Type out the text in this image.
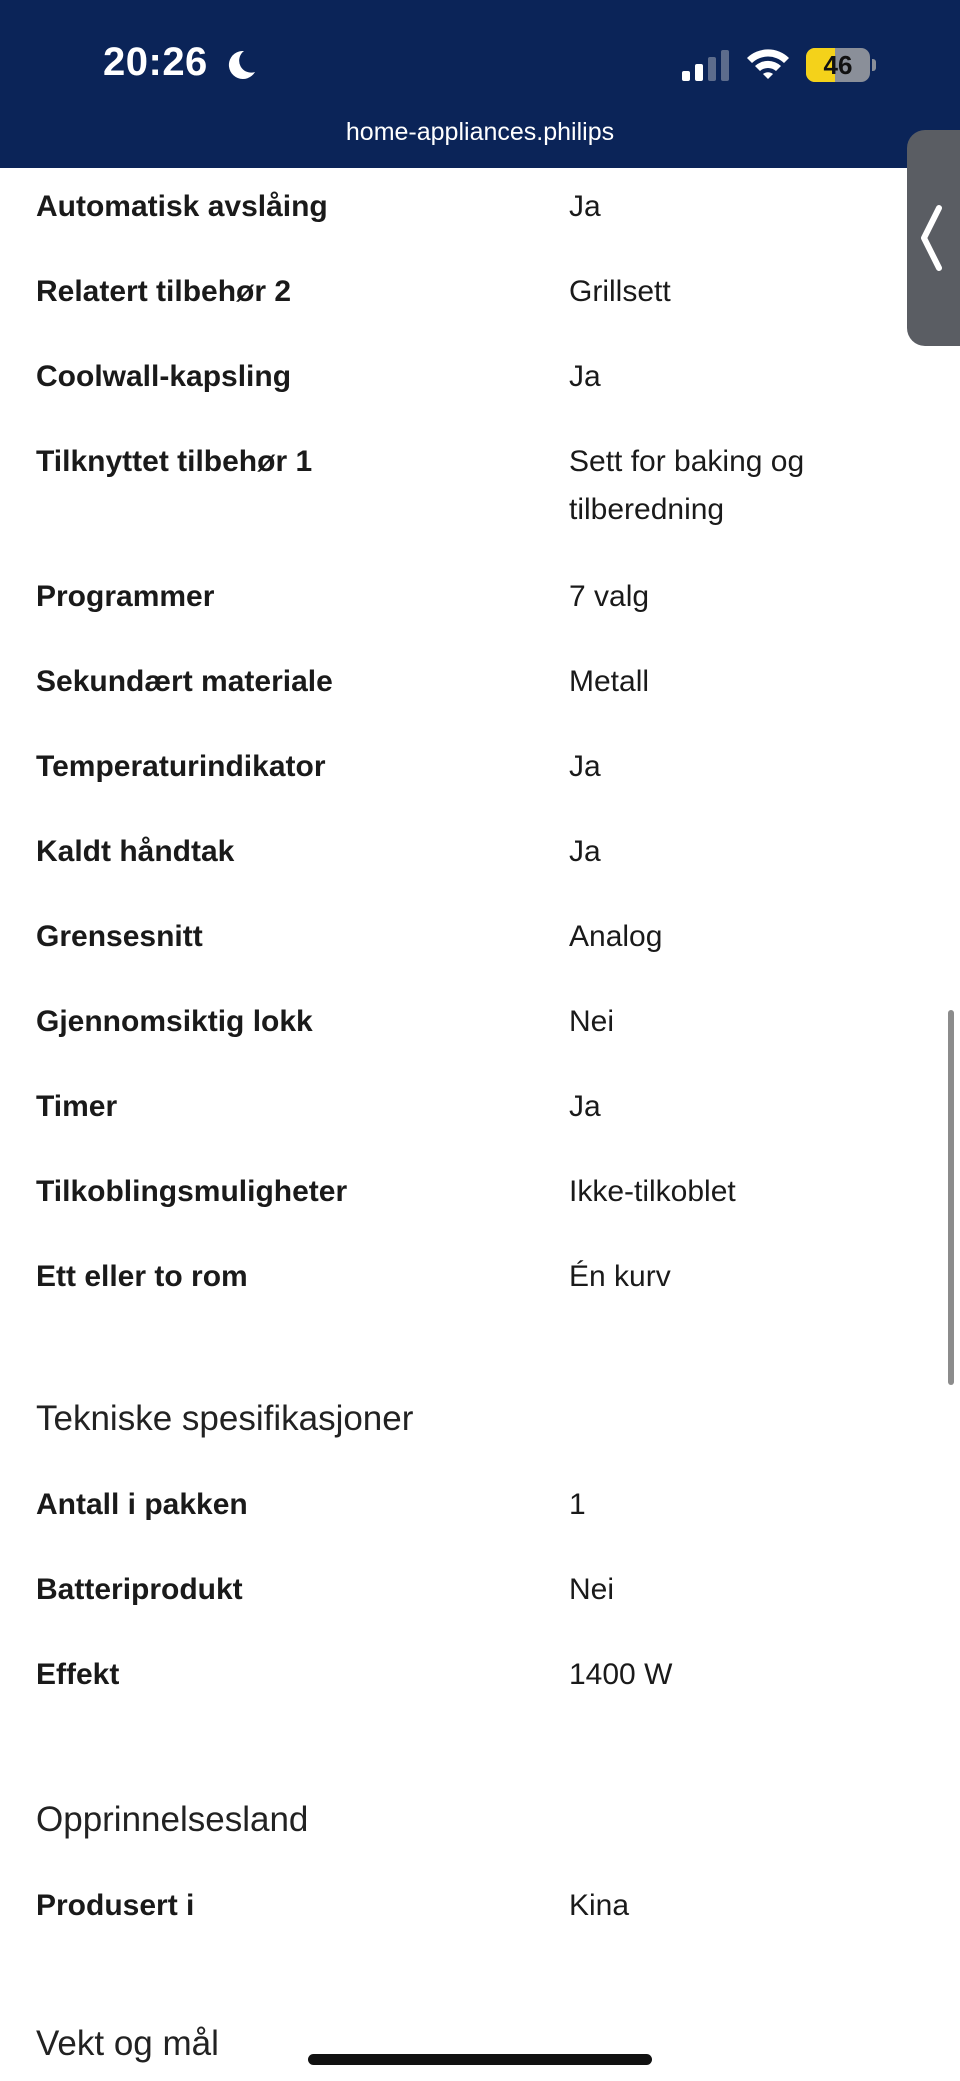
20:26	46
home-appliances.philips
Automatisk avslåing	Ja
Relatert tilbehør 2	Grillsett
Coolwall-kapsling	Ja
Tilknyttet tilbehør 1	Sett for baking og tilberedning
Programmer	7 valg
Sekundært materiale	Metall
Temperaturindikator	Ja
Kaldt håndtak	Ja
Grensesnitt	Analog
Gjennomsiktig lokk	Nei
Timer	Ja
Tilkoblingsmuligheter	Ikke-tilkoblet
Ett eller to rom	Én kurv
Tekniske spesifikasjoner
Antall i pakken	1
Batteriprodukt	Nei
Effekt	1400 W
Opprinnelsesland
Produsert i	Kina
Vekt og mål
